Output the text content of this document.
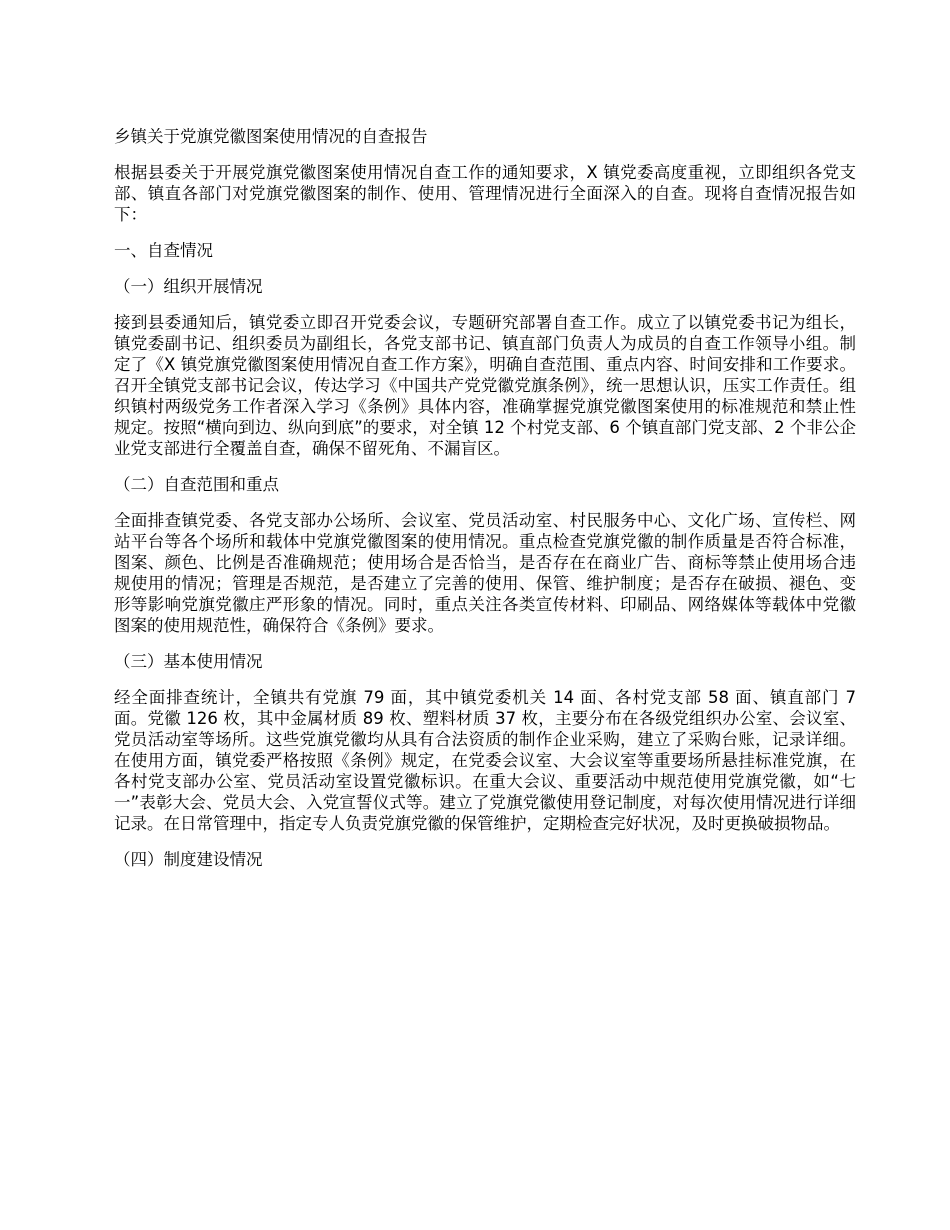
乡镇关于党旗党徽图案使用情况的自查报告

根据县委关于开展党旗党徽图案使用情况自查工作的通知要求，X 镇党委高度重视，立即组织各党支部、镇直各部门对党旗党徽图案的制作、使用、管理情况进行全面深入的自查。现将自查情况报告如下：

一、自查情况

（一）组织开展情况

接到县委通知后，镇党委立即召开党委会议，专题研究部署自查工作。成立了以镇党委书记为组长，镇党委副书记、组织委员为副组长，各党支部书记、镇直部门负责人为成员的自查工作领导小组。制定了《X 镇党旗党徽图案使用情况自查工作方案》，明确自查范围、重点内容、时间安排和工作要求。召开全镇党支部书记会议，传达学习《中国共产党党徽党旗条例》，统一思想认识，压实工作责任。组织镇村两级党务工作者深入学习《条例》具体内容，准确掌握党旗党徽图案使用的标准规范和禁止性规定。按照“横向到边、纵向到底”的要求，对全镇 12 个村党支部、6 个镇直部门党支部、2 个非公企业党支部进行全覆盖自查，确保不留死角、不漏盲区。

（二）自查范围和重点

全面排查镇党委、各党支部办公场所、会议室、党员活动室、村民服务中心、文化广场、宣传栏、网站平台等各个场所和载体中党旗党徽图案的使用情况。重点检查党旗党徽的制作质量是否符合标准，图案、颜色、比例是否准确规范；使用场合是否恰当，是否存在在商业广告、商标等禁止使用场合违规使用的情况；管理是否规范，是否建立了完善的使用、保管、维护制度；是否存在破损、褪色、变形等影响党旗党徽庄严形象的情况。同时，重点关注各类宣传材料、印刷品、网络媒体等载体中党徽图案的使用规范性，确保符合《条例》要求。

（三）基本使用情况

经全面排查统计，全镇共有党旗 79 面，其中镇党委机关 14 面、各村党支部 58 面、镇直部门 7 面。党徽 126 枚，其中金属材质 89 枚、塑料材质 37 枚，主要分布在各级党组织办公室、会议室、党员活动室等场所。这些党旗党徽均从具有合法资质的制作企业采购，建立了采购台账，记录详细。在使用方面，镇党委严格按照《条例》规定，在党委会议室、大会议室等重要场所悬挂标准党旗，在各村党支部办公室、党员活动室设置党徽标识。在重大会议、重要活动中规范使用党旗党徽，如“七一”表彰大会、党员大会、入党宣誓仪式等。建立了党旗党徽使用登记制度，对每次使用情况进行详细记录。在日常管理中，指定专人负责党旗党徽的保管维护，定期检查完好状况，及时更换破损物品。

（四）制度建设情况
